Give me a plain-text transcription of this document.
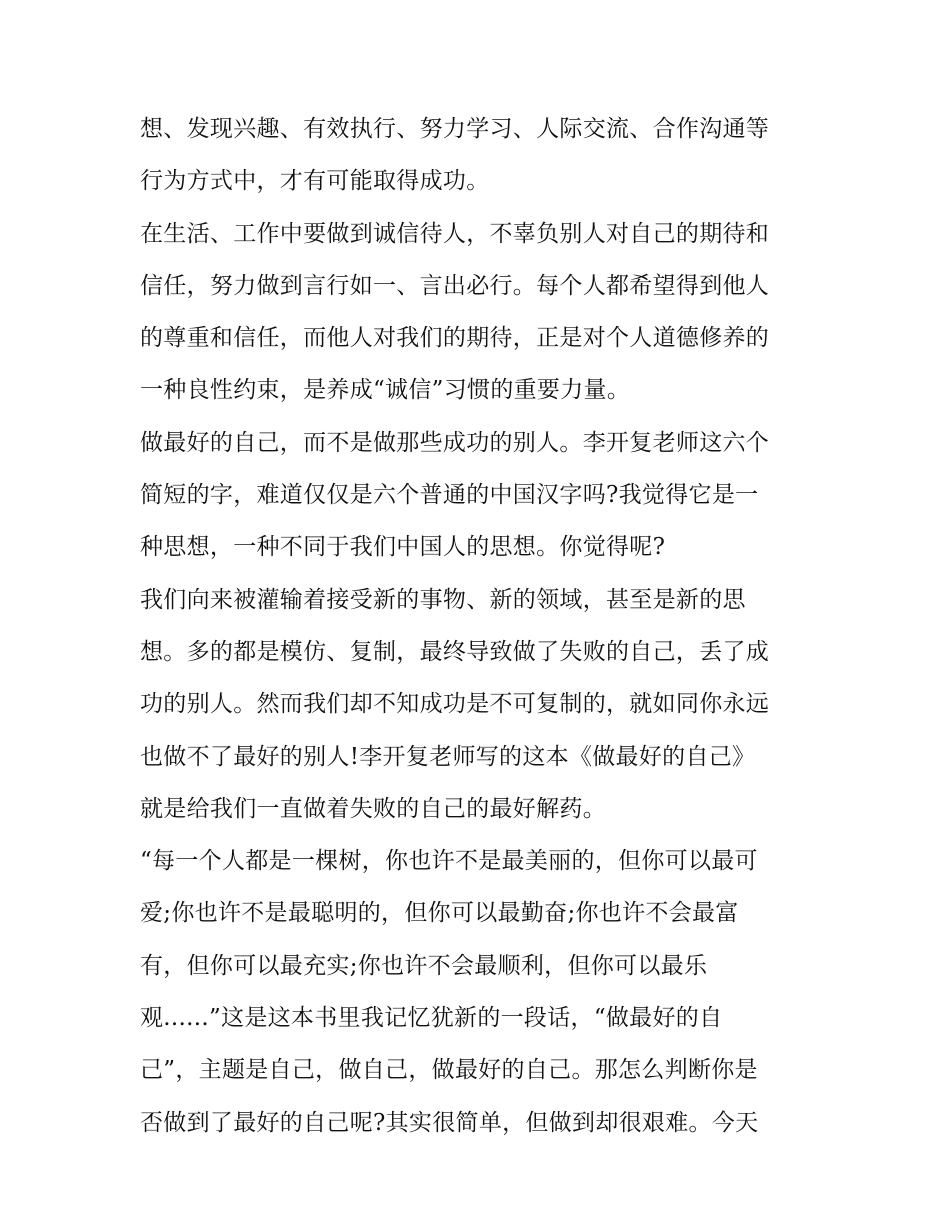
想、发现兴趣、有效执行、努力学习、人际交流、合作沟通等
行为方式中，才有可能取得成功。
在生活、工作中要做到诚信待人，不辜负别人对自己的期待和
信任，努力做到言行如一、言出必行。每个人都希望得到他人
的尊重和信任，而他人对我们的期待，正是对个人道德修养的
一种良性约束，是养成“诚信”习惯的重要力量。
做最好的自己，而不是做那些成功的别人。李开复老师这六个
简短的字，难道仅仅是六个普通的中国汉字吗?我觉得它是一
种思想，一种不同于我们中国人的思想。你觉得呢?
我们向来被灌输着接受新的事物、新的领域，甚至是新的思
想。多的都是模仿、复制，最终导致做了失败的自己，丢了成
功的别人。然而我们却不知成功是不可复制的，就如同你永远
也做不了最好的别人!李开复老师写的这本《做最好的自己》
就是给我们一直做着失败的自己的最好解药。
“每一个人都是一棵树，你也许不是最美丽的，但你可以最可
爱;你也许不是最聪明的，但你可以最勤奋;你也许不会最富
有，但你可以最充实;你也许不会最顺利，但你可以最乐
观......”这是这本书里我记忆犹新的一段话，“做最好的自
己”，主题是自己，做自己，做最好的自己。那怎么判断你是
否做到了最好的自己呢?其实很简单，但做到却很艰难。今天
